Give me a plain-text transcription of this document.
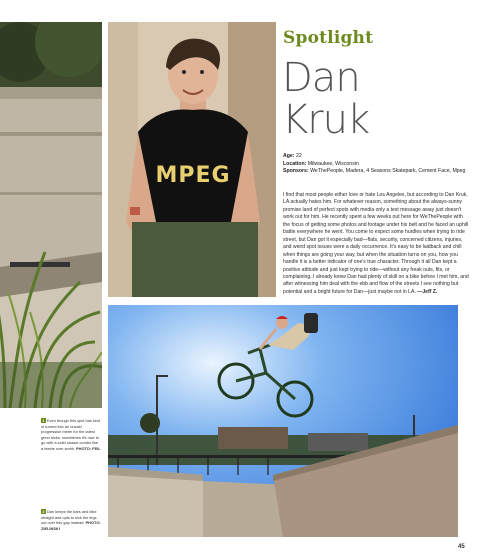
MPEG
Spotlight
Dan
Kruk
Age: 22
Location: Milwaukee, Wisconsin
Sponsors: WeThePeople, Madera, 4 Seasons Skatepark, Cement Face, Mpeg

I find that most people either love or hate Los Angeles, but according to Dan Kruk, LA actually hates him. For whatever reason, something about the always-sunny promise land of perfect spots with media only a text message away just doesn't work out for him. He recently spent a few weeks out here for WeThePeople with the focus of getting some photos and footage under his belt and he faced an uphill battle everywhere he went. You come to expect some hurdles when trying to ride street, but Dan got it especially bad—flats, security, concerned citizens, injuries, and weird spot issues were a daily occurrence. It's easy to be laidback and chill when things are going your way, but when the situation turns on you, how you handle it is a better indicator of one's true character. Through it all Dan kept a positive attitude and just kept trying to ride—without any freak outs, fits, or complaining. I already knew Dan had plenty of skill on a bike before I met him, and after witnessing him deal with the ebb and flow of the streets I see nothing but potential and a bright future for Dan—just maybe not in LA. —Jeff Z.

1 Even though this spot has kind of turned into an unsaid progression meter for the latest grind tricks, sometimes it's nice to go with a solid classic combo like a feeble over smith. PHOTO: FEIL
2 Dan keeps the bars and bike straight and opts to kick the legs out over this gap instead. PHOTO: ZIELINSKI
45
